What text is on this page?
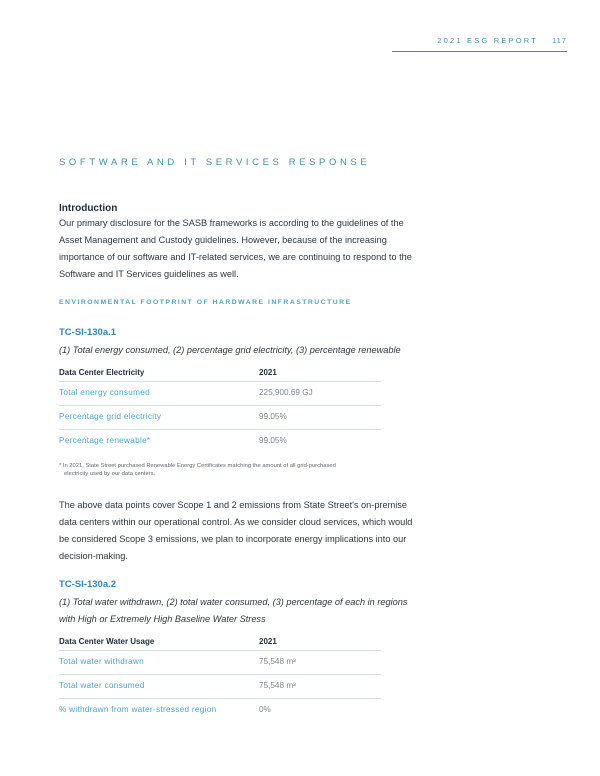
2021 ESG REPORT 117
SOFTWARE AND IT SERVICES RESPONSE
Introduction

Our primary disclosure for the SASB frameworks is according to the guidelines of the Asset Management and Custody guidelines. However, because of the increasing importance of our software and IT-related services, we are continuing to respond to the Software and IT Services guidelines as well.

ENVIRONMENTAL FOOTPRINT OF HARDWARE INFRASTRUCTURE
TC-SI-130a.1

(1) Total energy consumed, (2) percentage grid electricity, (3) percentage renewable

Data Center Electricity	2021
Total energy consumed	225,900.69 GJ
Percentage grid electricity	99.05%
Percentage renewable*	99.05%

* In 2021, State Street purchased Renewable Energy Certificates matching the amount of all grid-purchased
electricity used by our data centers.

The above data points cover Scope 1 and 2 emissions from State Street's on-premise data centers within our operational control. As we consider cloud services, which would be considered Scope 3 emissions, we plan to incorporate energy implications into our decision-making.

TC-SI-130a.2

(1) Total water withdrawn, (2) total water consumed, (3) percentage of each in regions with High or Extremely High Baseline Water Stress

Data Center Water Usage	2021
Total water withdrawn	75,548 m³
Total water consumed	75,548 m³
% withdrawn from water-stressed region	0%
